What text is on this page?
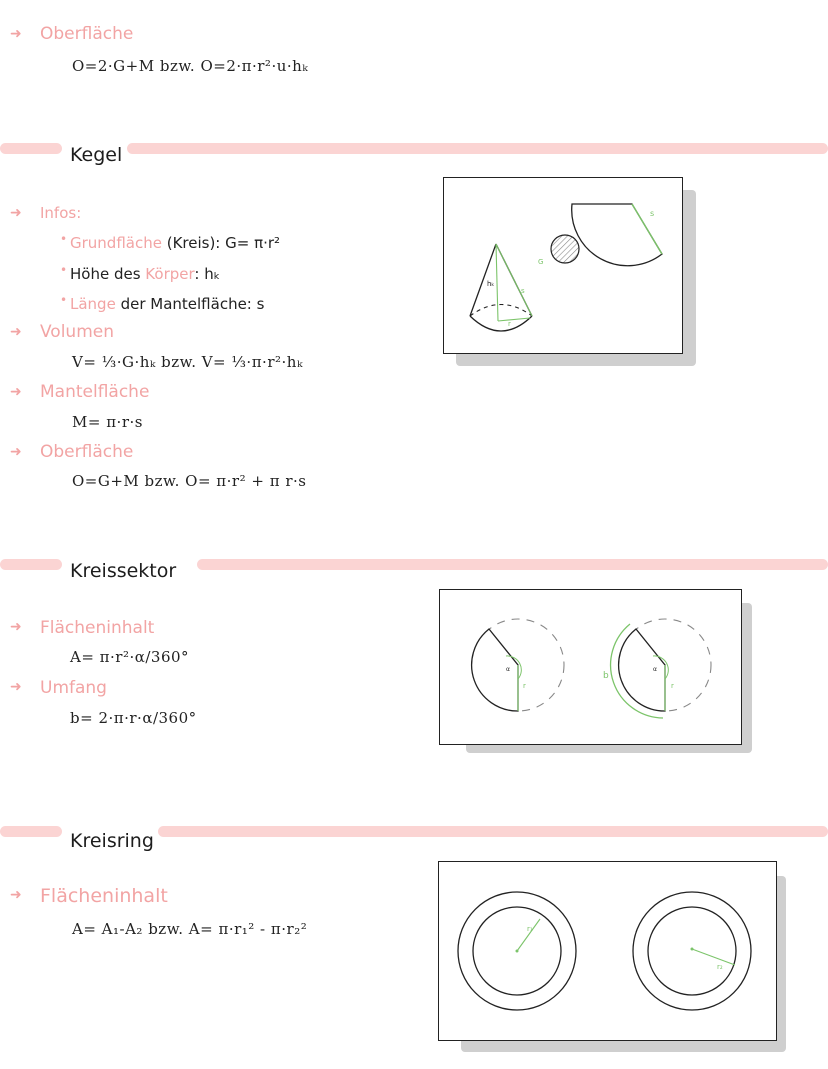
➜ Oberfläche
O=2·G+M bzw. O=2·π·r²·u·hₖ
Kegel
➜ Infos:
• Grundfläche (Kreis): G= π·r²
• Höhe des Körper: hₖ
• Länge der Mantelfläche: s
➜ Volumen
V= ⅓·G·hₖ bzw. V= ⅓·π·r²·hₖ
➜ Mantelfläche
M= π·r·s
➜ Oberfläche
O=G+M bzw. O= π·r² + π r·s
hₖ
r
s
G
s
Kreissektor
➜ Flächeninhalt
A= π·r²·α/360°
➜ Umfang
b= 2·π·r·α/360°
α
r
α
r
b
Kreisring
➜ Flächeninhalt
A= A₁-A₂ bzw. A= π·r₁² - π·r₂²	r₁
r₂
